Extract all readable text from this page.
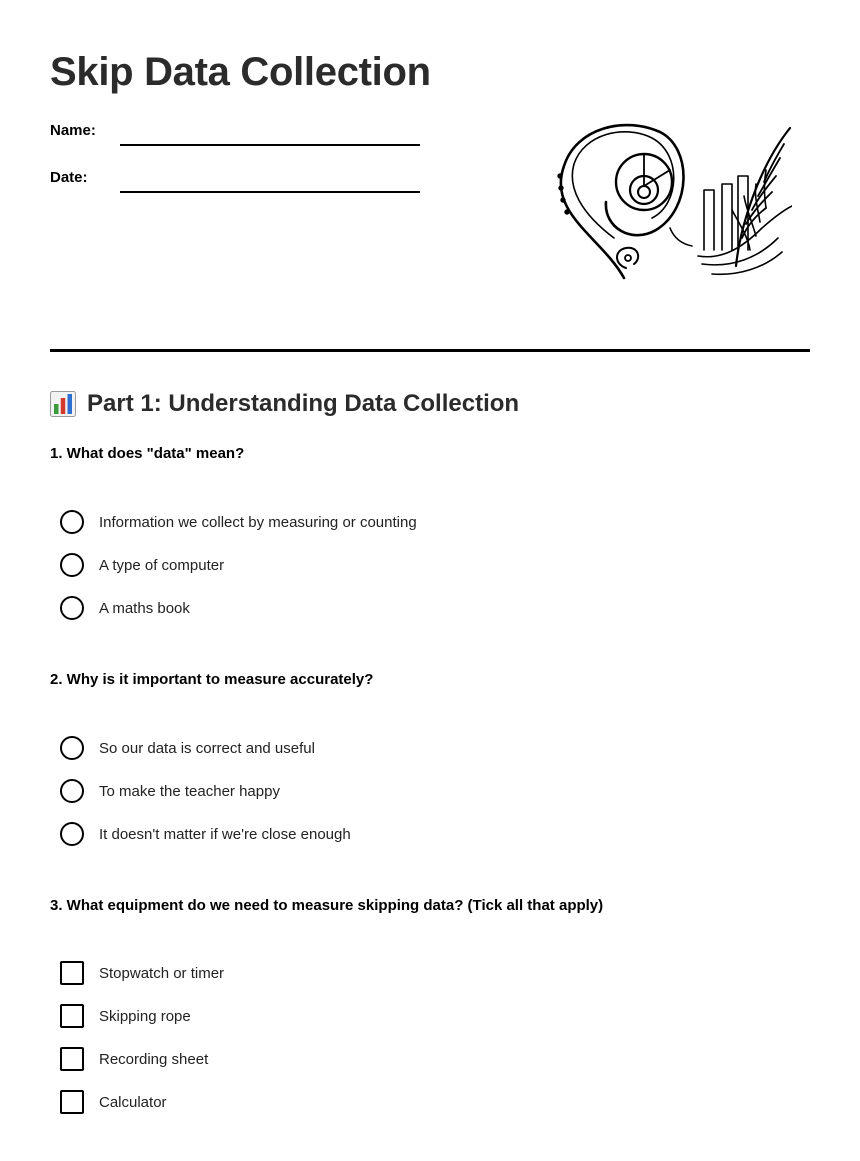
Skip Data Collection
Name:
Date:
Part 1: Understanding Data Collection
1. What does "data" mean?
Information we collect by measuring or counting
A type of computer
A maths book
2. Why is it important to measure accurately?
So our data is correct and useful
To make the teacher happy
It doesn't matter if we're close enough
3. What equipment do we need to measure skipping data? (Tick all that apply)
Stopwatch or timer
Skipping rope
Recording sheet
Calculator
